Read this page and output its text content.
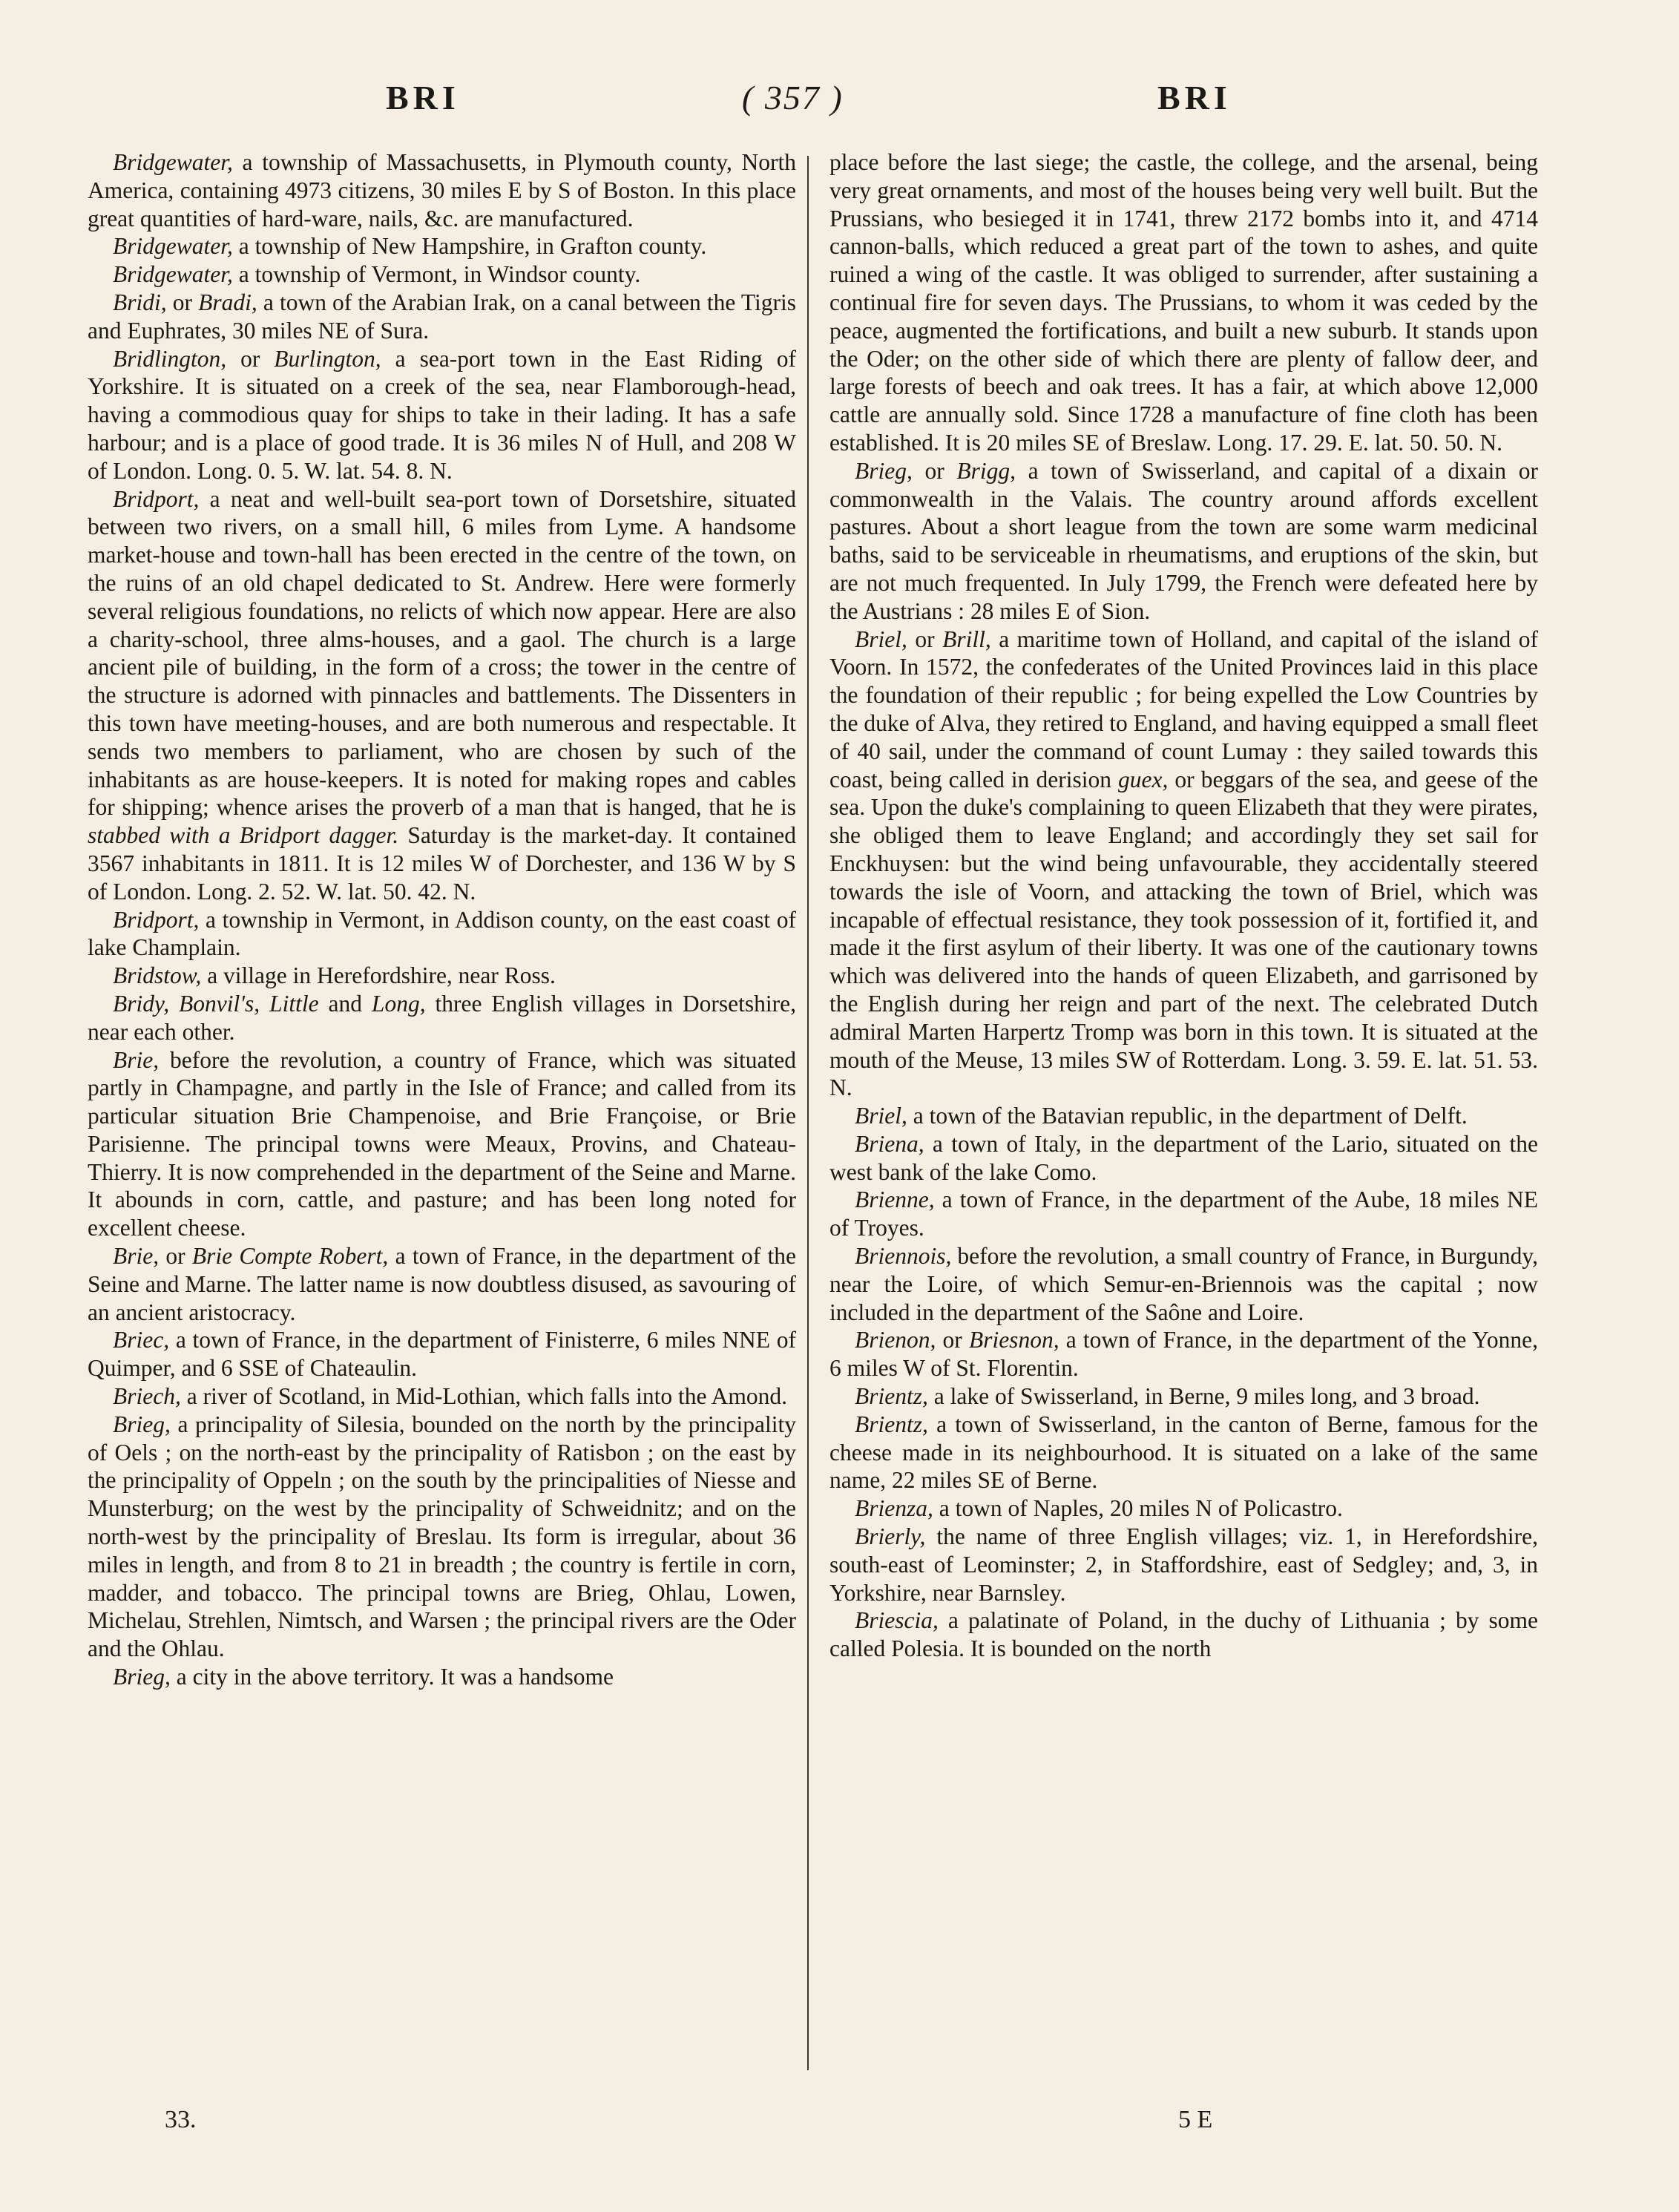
BRI	( 357 )	BRI

Bridgewater, a township of Massachusetts, in Plymouth county, North America, containing 4973 citizens, 30 miles E by S of Boston. In this place great quantities of hard-ware, nails, &c. are manufactured.

Bridgewater, a township of New Hampshire, in Grafton county.

Bridgewater, a township of Vermont, in Windsor county.

Bridi, or Bradi, a town of the Arabian Irak, on a canal between the Tigris and Euphrates, 30 miles NE of Sura.

Bridlington, or Burlington, a sea-port town in the East Riding of Yorkshire. It is situated on a creek of the sea, near Flamborough-head, having a commodious quay for ships to take in their lading. It has a safe harbour; and is a place of good trade. It is 36 miles N of Hull, and 208 W of London. Long. 0. 5. W. lat. 54. 8. N.

Bridport, a neat and well-built sea-port town of Dorsetshire, situated between two rivers, on a small hill, 6 miles from Lyme. A handsome market-house and town-hall has been erected in the centre of the town, on the ruins of an old chapel dedicated to St. Andrew. Here were formerly several religious foundations, no relicts of which now appear. Here are also a charity-school, three alms-houses, and a gaol. The church is a large ancient pile of building, in the form of a cross; the tower in the centre of the structure is adorned with pinnacles and battlements. The Dissenters in this town have meeting-houses, and are both numerous and respectable. It sends two members to parliament, who are chosen by such of the inhabitants as are house-keepers. It is noted for making ropes and cables for shipping; whence arises the proverb of a man that is hanged, that he is stabbed with a Bridport dagger. Saturday is the market-day. It contained 3567 inhabitants in 1811. It is 12 miles W of Dorchester, and 136 W by S of London. Long. 2. 52. W. lat. 50. 42. N.

Bridport, a township in Vermont, in Addison county, on the east coast of lake Champlain.

Bridstow, a village in Herefordshire, near Ross.

Bridy, Bonvil's, Little and Long, three English villages in Dorsetshire, near each other.

Brie, before the revolution, a country of France, which was situated partly in Champagne, and partly in the Isle of France; and called from its particular situation Brie Champenoise, and Brie Françoise, or Brie Parisienne. The principal towns were Meaux, Provins, and Chateau-Thierry. It is now comprehended in the department of the Seine and Marne. It abounds in corn, cattle, and pasture; and has been long noted for excellent cheese.

Brie, or Brie Compte Robert, a town of France, in the department of the Seine and Marne. The latter name is now doubtless disused, as savouring of an ancient aristocracy.

Briec, a town of France, in the department of Finisterre, 6 miles NNE of Quimper, and 6 SSE of Chateaulin.

Briech, a river of Scotland, in Mid-Lothian, which falls into the Amond.

Brieg, a principality of Silesia, bounded on the north by the principality of Oels ; on the north-east by the principality of Ratisbon ; on the east by the principality of Oppeln ; on the south by the principalities of Niesse and Munsterburg; on the west by the principality of Schweidnitz; and on the north-west by the principality of Breslau. Its form is irregular, about 36 miles in length, and from 8 to 21 in breadth ; the country is fertile in corn, madder, and tobacco. The principal towns are Brieg, Ohlau, Lowen, Michelau, Strehlen, Nimtsch, and Warsen ; the principal rivers are the Oder and the Ohlau.

Brieg, a city in the above territory. It was a handsome

place before the last siege; the castle, the college, and the arsenal, being very great ornaments, and most of the houses being very well built. But the Prussians, who besieged it in 1741, threw 2172 bombs into it, and 4714 cannon-balls, which reduced a great part of the town to ashes, and quite ruined a wing of the castle. It was obliged to surrender, after sustaining a continual fire for seven days. The Prussians, to whom it was ceded by the peace, augmented the fortifications, and built a new suburb. It stands upon the Oder; on the other side of which there are plenty of fallow deer, and large forests of beech and oak trees. It has a fair, at which above 12,000 cattle are annually sold. Since 1728 a manufacture of fine cloth has been established. It is 20 miles SE of Breslaw. Long. 17. 29. E. lat. 50. 50. N.

Brieg, or Brigg, a town of Swisserland, and capital of a dixain or commonwealth in the Valais. The country around affords excellent pastures. About a short league from the town are some warm medicinal baths, said to be serviceable in rheumatisms, and eruptions of the skin, but are not much frequented. In July 1799, the French were defeated here by the Austrians : 28 miles E of Sion.

Briel, or Brill, a maritime town of Holland, and capital of the island of Voorn. In 1572, the confederates of the United Provinces laid in this place the foundation of their republic ; for being expelled the Low Countries by the duke of Alva, they retired to England, and having equipped a small fleet of 40 sail, under the command of count Lumay : they sailed towards this coast, being called in derision guex, or beggars of the sea, and geese of the sea. Upon the duke's complaining to queen Elizabeth that they were pirates, she obliged them to leave England; and accordingly they set sail for Enckhuysen: but the wind being unfavourable, they accidentally steered towards the isle of Voorn, and attacking the town of Briel, which was incapable of effectual resistance, they took possession of it, fortified it, and made it the first asylum of their liberty. It was one of the cautionary towns which was delivered into the hands of queen Elizabeth, and garrisoned by the English during her reign and part of the next. The celebrated Dutch admiral Marten Harpertz Tromp was born in this town. It is situated at the mouth of the Meuse, 13 miles SW of Rotterdam. Long. 3. 59. E. lat. 51. 53. N.

Briel, a town of the Batavian republic, in the department of Delft.

Briena, a town of Italy, in the department of the Lario, situated on the west bank of the lake Como.

Brienne, a town of France, in the department of the Aube, 18 miles NE of Troyes.

Briennois, before the revolution, a small country of France, in Burgundy, near the Loire, of which Semur-en-Briennois was the capital ; now included in the department of the Saône and Loire.

Brienon, or Briesnon, a town of France, in the department of the Yonne, 6 miles W of St. Florentin.

Brientz, a lake of Swisserland, in Berne, 9 miles long, and 3 broad.

Brientz, a town of Swisserland, in the canton of Berne, famous for the cheese made in its neighbourhood. It is situated on a lake of the same name, 22 miles SE of Berne.

Brienza, a town of Naples, 20 miles N of Policastro.

Brierly, the name of three English villages; viz. 1, in Herefordshire, south-east of Leominster; 2, in Staffordshire, east of Sedgley; and, 3, in Yorkshire, near Barnsley.

Briescia, a palatinate of Poland, in the duchy of Lithuania ; by some called Polesia. It is bounded on the north

33.	5 E
